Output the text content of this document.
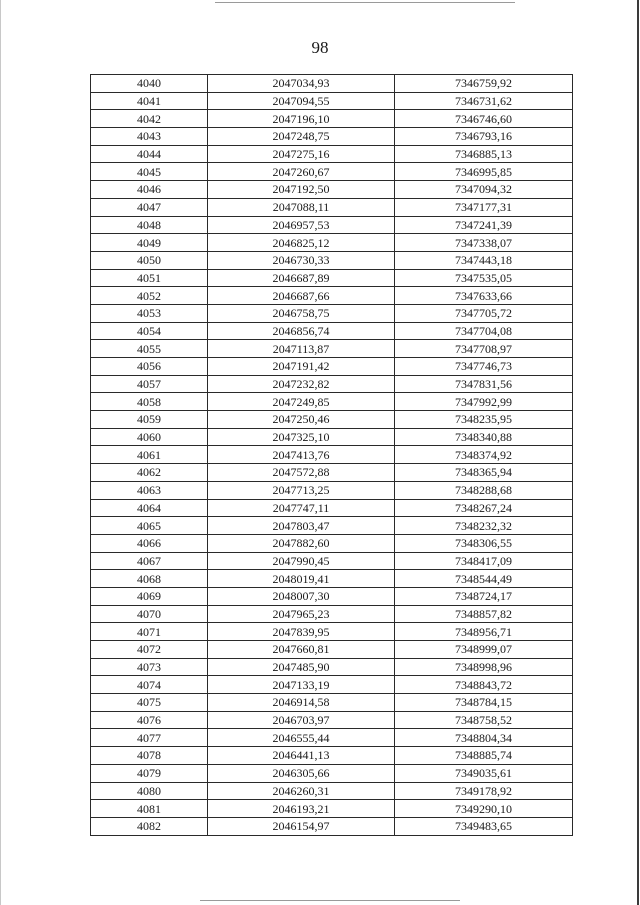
98
4040	2047034,93	7346759,92
4041	2047094,55	7346731,62
4042	2047196,10	7346746,60
4043	2047248,75	7346793,16
4044	2047275,16	7346885,13
4045	2047260,67	7346995,85
4046	2047192,50	7347094,32
4047	2047088,11	7347177,31
4048	2046957,53	7347241,39
4049	2046825,12	7347338,07
4050	2046730,33	7347443,18
4051	2046687,89	7347535,05
4052	2046687,66	7347633,66
4053	2046758,75	7347705,72
4054	2046856,74	7347704,08
4055	2047113,87	7347708,97
4056	2047191,42	7347746,73
4057	2047232,82	7347831,56
4058	2047249,85	7347992,99
4059	2047250,46	7348235,95
4060	2047325,10	7348340,88
4061	2047413,76	7348374,92
4062	2047572,88	7348365,94
4063	2047713,25	7348288,68
4064	2047747,11	7348267,24
4065	2047803,47	7348232,32
4066	2047882,60	7348306,55
4067	2047990,45	7348417,09
4068	2048019,41	7348544,49
4069	2048007,30	7348724,17
4070	2047965,23	7348857,82
4071	2047839,95	7348956,71
4072	2047660,81	7348999,07
4073	2047485,90	7348998,96
4074	2047133,19	7348843,72
4075	2046914,58	7348784,15
4076	2046703,97	7348758,52
4077	2046555,44	7348804,34
4078	2046441,13	7348885,74
4079	2046305,66	7349035,61
4080	2046260,31	7349178,92
4081	2046193,21	7349290,10
4082	2046154,97	7349483,65
